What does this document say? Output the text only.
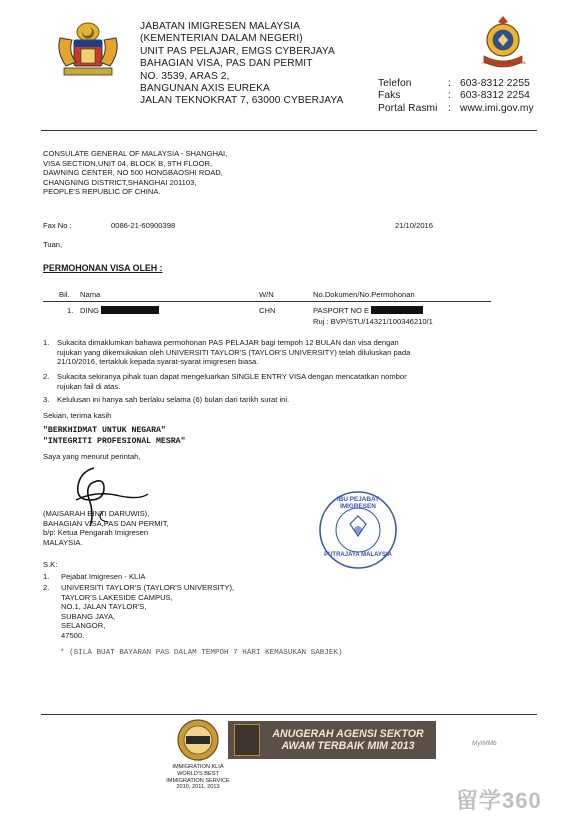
JABATAN IMIGRESEN MALAYSIA
(KEMENTERIAN DALAM NEGERI)
UNIT PAS PELAJAR, EMGS CYBERJAYA
BAHAGIAN VISA, PAS DAN PERMIT
NO. 3539, ARAS 2,
BANGUNAN AXIS EUREKA
JALAN TEKNOKRAT 7, 63000 CYBERJAYA
IMIGRESEN MALAYSIA
Telefon	: 603-8312 2255
Faks	: 603-8312 2254
Portal Rasmi	: www.imi.gov.my
CONSULATE GENERAL OF MALAYSIA - SHANGHAI,
VISA SECTION,UNIT 04, BLOCK B, 9TH FLOOR,
DAWNING CENTER, NO 500 HONGBAOSHI ROAD,
CHANGNING DISTRICT,SHANGHAI 201103,
PEOPLE'S REPUBLIC OF CHINA.
Fax No :	0086-21-60900398	21/10/2016
Tuan,
PERMOHONAN VISA OLEH :
Bil. Nama	W/N	No.Dokumen/No.Permohonan
1. DING	CHN	PASPORT NO E
Ruj : BVP/STU/14321/100346210/1
1. Sukacita dimaklumkan bahawa permohonan PAS PELAJAR bagi tempoh 12 BULAN dan visa dengan
rujukan yang dikemukakan oleh UNIVERSITI TAYLOR'S (TAYLOR'S UNIVERSITY) telah diluluskan pada
21/10/2016, tertakluk kepada syarat-syarat imigresen biasa.
2. Sukacita sekiranya pihak tuan dapat mengeluarkan SINGLE ENTRY VISA dengan mencatatkan nombor
rujukan fail di atas.
3. Kelulusan ini hanya sah berlaku selama (6) bulan dari tarikh surat ini.
Sekian, terima kasih
"BERKHIDMAT UNTUK NEGARA"
"INTEGRITI PROFESIONAL MESRA"
Saya yang menurut perintah,
(MAISARAH BINTI DARUWIS),
BAHAGIAN VISA,PAS DAN PERMIT,
b/p: Ketua Pengarah Imigresen
MALAYSIA.
IBU PEJABAT IMIGRESEN
PUTRAJAYA MALAYSIA
S.K:
1. Pejabat Imigresen - KLIA
2. UNIVERSITI TAYLOR'S (TAYLOR'S UNIVERSITY),
TAYLOR'S LAKESIDE CAMPUS,
NO.1, JALAN TAYLOR'S,
SUBANG JAYA,
SELANGOR,
47500.
* (SILA BUAT BAYARAN PAS DALAM TEMPOH 7 HARI KEMASUKAN SABJEK)
IMMIGRATION KLIA
WORLD'S BEST
IMMIGRATION SERVICE
2010, 2011, 2013
ANUGERAH AGENSI SEKTOR
AWAM TERBAIK MIM 2013	MyIMMb
留学360
